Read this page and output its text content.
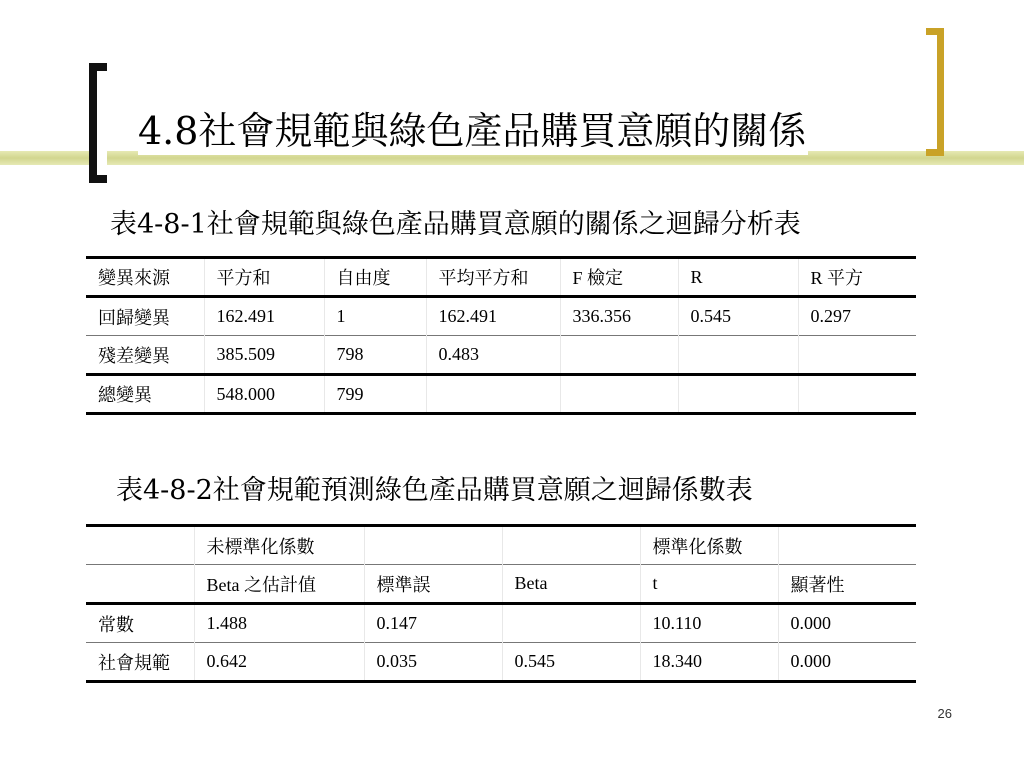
4.8社會規範與綠色產品購買意願的關係
表4-8-1社會規範與綠色產品購買意願的關係之迴歸分析表
變異來源	平方和	自由度	平均平方和	F 檢定	R	R 平方
回歸變異	162.491	1	162.491	336.356	0.545	0.297
殘差變異	385.509	798	0.483			
總變異	548.000	799				
表4-8-2社會規範預測綠色產品購買意願之迴歸係數表
	未標準化係數			標準化係數	
	Beta 之估計值	標準誤	Beta	t	顯著性
常數	1.488	0.147		10.110	0.000
社會規範	0.642	0.035	0.545	18.340	0.000
26
